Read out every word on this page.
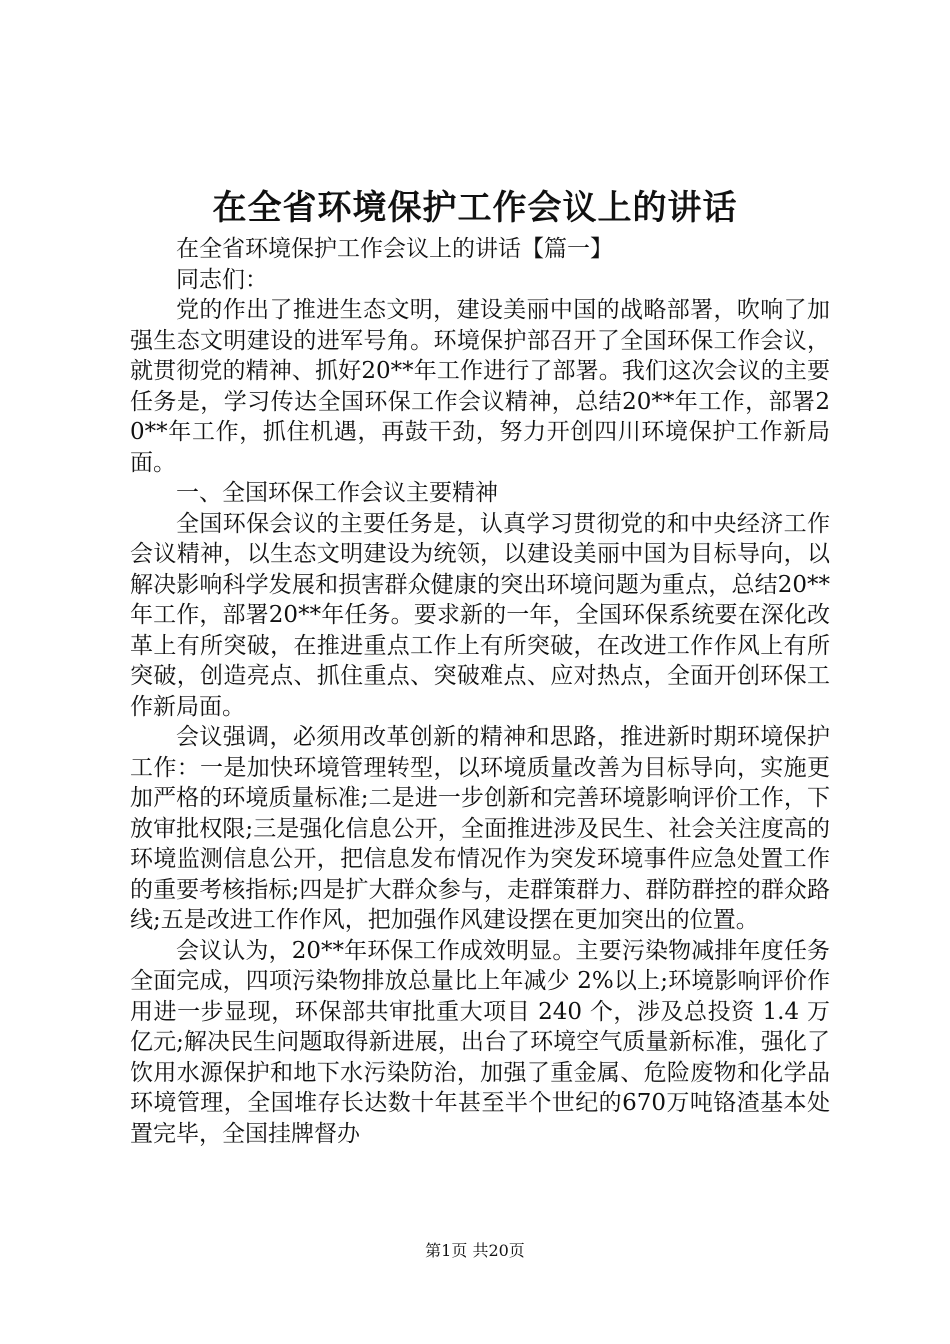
在全省环境保护工作会议上的讲话

在全省环境保护工作会议上的讲话【篇一】

同志们：

党的作出了推进生态文明，建设美丽中国的战略部署，吹响了加强生态文明建设的进军号角。环境保护部召开了全国环保工作会议，就贯彻党的精神、抓好20**年工作进行了部署。我们这次会议的主要任务是，学习传达全国环保工作会议精神，总结20**年工作，部署20**年工作，抓住机遇，再鼓干劲，努力开创四川环境保护工作新局面。

一、全国环保工作会议主要精神

全国环保会议的主要任务是，认真学习贯彻党的和中央经济工作会议精神，以生态文明建设为统领，以建设美丽中国为目标导向，以解决影响科学发展和损害群众健康的突出环境问题为重点，总结20**年工作，部署20**年任务。要求新的一年，全国环保系统要在深化改革上有所突破，在推进重点工作上有所突破，在改进工作作风上有所突破，创造亮点、抓住重点、突破难点、应对热点，全面开创环保工作新局面。

会议强调，必须用改革创新的精神和思路，推进新时期环境保护工作：一是加快环境管理转型，以环境质量改善为目标导向，实施更加严格的环境质量标准;二是进一步创新和完善环境影响评价工作，下放审批权限;三是强化信息公开，全面推进涉及民生、社会关注度高的环境监测信息公开，把信息发布情况作为突发环境事件应急处置工作的重要考核指标;四是扩大群众参与，走群策群力、群防群控的群众路线;五是改进工作作风，把加强作风建设摆在更加突出的位置。

会议认为，20**年环保工作成效明显。主要污染物减排年度任务全面完成，四项污染物排放总量比上年减少 2%以上;环境影响评价作用进一步显现，环保部共审批重大项目 240 个，涉及总投资 1.4 万亿元;解决民生问题取得新进展，出台了环境空气质量新标准，强化了饮用水源保护和地下水污染防治，加强了重金属、危险废物和化学品环境管理，全国堆存长达数十年甚至半个世纪的670万吨铬渣基本处置完毕，全国挂牌督办

第1页 共20页
